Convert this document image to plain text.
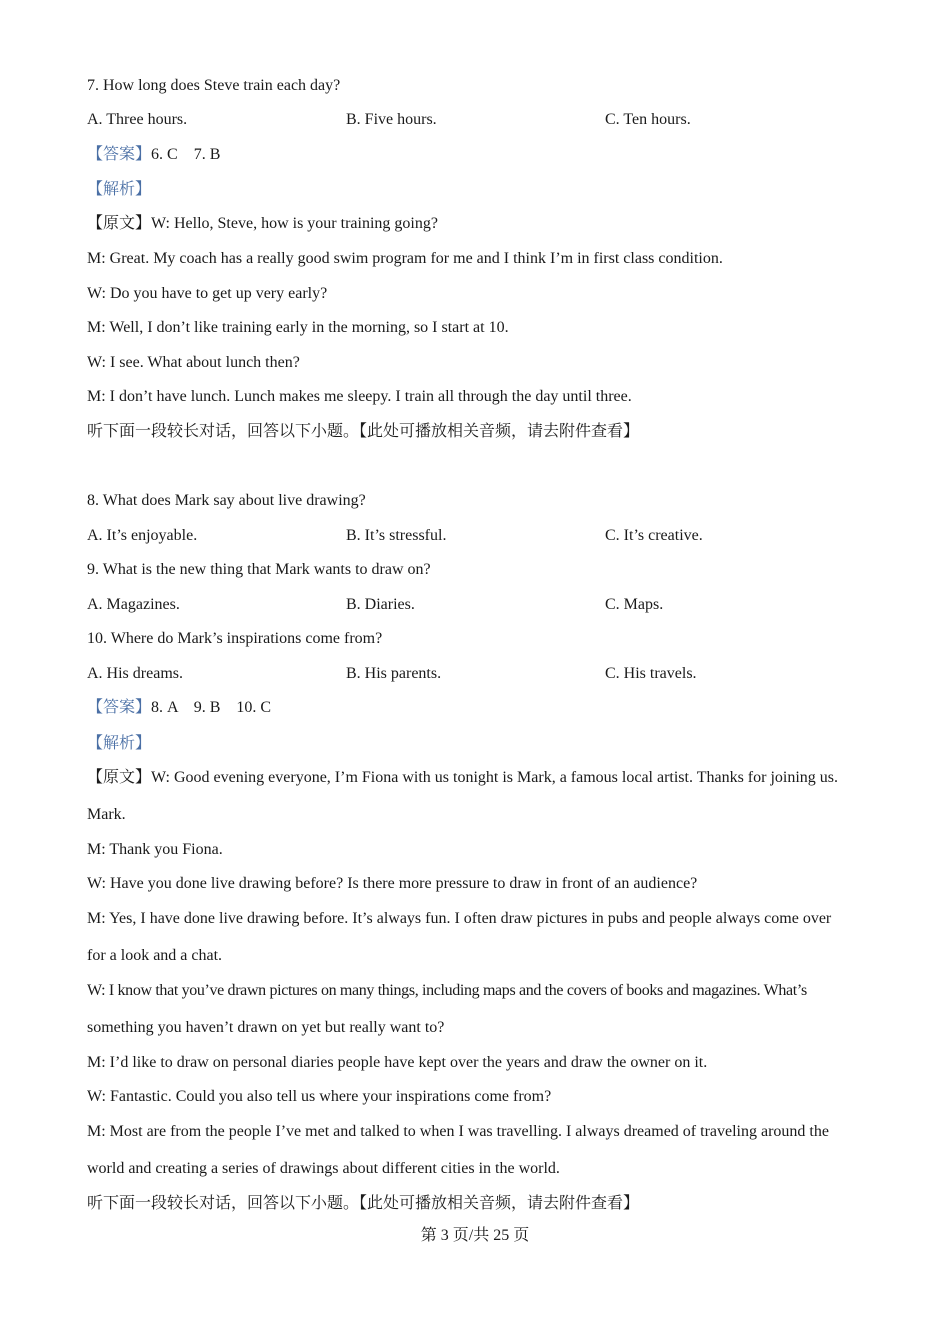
7. How long does Steve train each day?
A. Three hours.	B. Five hours.	C. Ten hours.
【答案】6. C    7. B
【解析】
【原文】W: Hello, Steve, how is your training going?
M: Great. My coach has a really good swim program for me and I think I’m in first class condition.
W: Do you have to get up very early?
M: Well, I don’t like training early in the morning, so I start at 10.
W: I see. What about lunch then?
M: I don’t have lunch. Lunch makes me sleepy. I train all through the day until three.
听下面一段较长对话，回答以下小题。【此处可播放相关音频，请去附件查看】
8. What does Mark say about live drawing?
A. It’s enjoyable.	B. It’s stressful.	C. It’s creative.
9. What is the new thing that Mark wants to draw on?
A. Magazines.	B. Diaries.	C. Maps.
10. Where do Mark’s inspirations come from?
A. His dreams.	B. His parents.	C. His travels.
【答案】8. A    9. B    10. C
【解析】
【原文】W: Good evening everyone, I’m Fiona with us tonight is Mark, a famous local artist. Thanks for joining us.
Mark.
M: Thank you Fiona.
W: Have you done live drawing before? Is there more pressure to draw in front of an audience?
M: Yes, I have done live drawing before. It’s always fun. I often draw pictures in pubs and people always come over
for a look and a chat.
W: I know that you’ve drawn pictures on many things, including maps and the covers of books and magazines. What’s
something you haven’t drawn on yet but really want to?
M: I’d like to draw on personal diaries people have kept over the years and draw the owner on it.
W: Fantastic. Could you also tell us where your inspirations come from?
M: Most are from the people I’ve met and talked to when I was travelling. I always dreamed of traveling around the
world and creating a series of drawings about different cities in the world.
听下面一段较长对话，回答以下小题。【此处可播放相关音频，请去附件查看】
第 3 页/共 25 页
